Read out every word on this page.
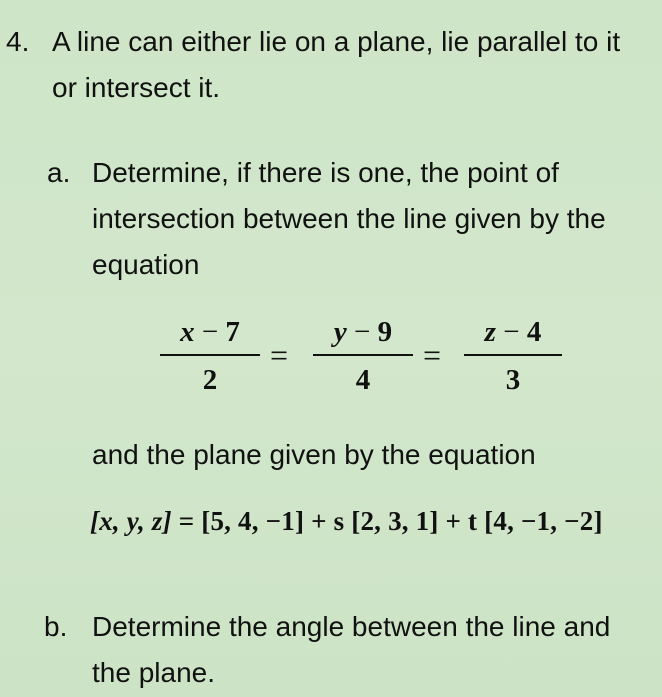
4. A line can either lie on a plane, lie parallel to it or intersect it.
a. Determine, if there is one, the point of intersection between the line given by the equation
x − 7
2
=
y − 9
4
=
z − 4
3
and the plane given by the equation
[x, y, z] = [5, 4, −1] + s [2, 3, 1] + t [4, −1, −2]
b. Determine the angle between the line and the plane.
